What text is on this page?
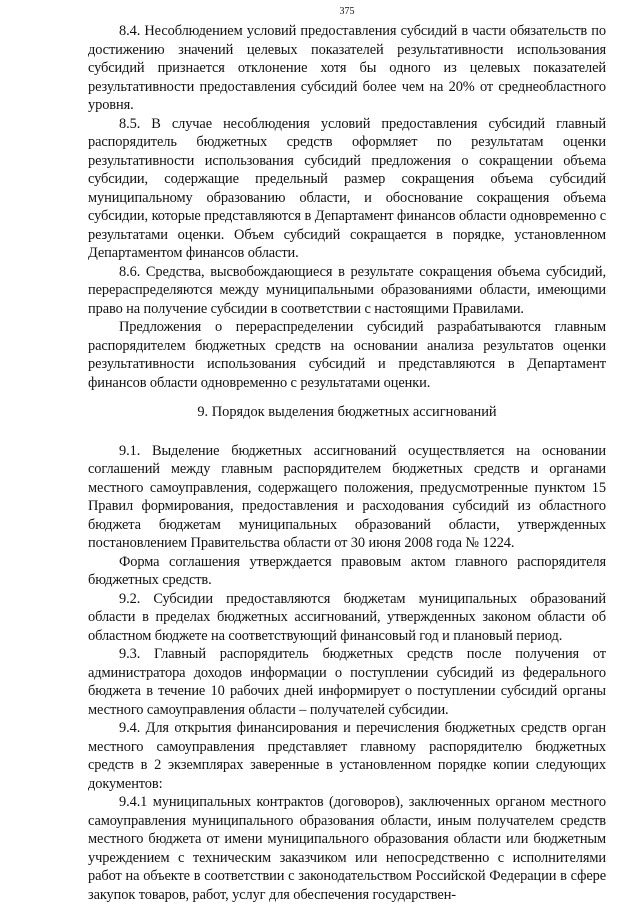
375

8.4. Несоблюдением условий предоставления субсидий в части обязательств по достижению значений целевых показателей результативности использования субсидий признается отклонение хотя бы одного из целевых показателей результативности предоставления субсидий более чем на 20% от среднеобластного уровня.

8.5. В случае несоблюдения условий предоставления субсидий главный распорядитель бюджетных средств оформляет по результатам оценки результативности использования субсидий предложения о сокращении объема субсидии, содержащие предельный размер сокращения объема субсидий муниципальному образованию области, и обоснование сокращения объема субсидии, которые представляются в Департамент финансов области одновременно с результатами оценки. Объем субсидий сокращается в порядке, установленном Департаментом финансов области.

8.6. Средства, высвобождающиеся в результате сокращения объема субсидий, перераспределяются между муниципальными образованиями области, имеющими право на получение субсидии в соответствии с настоящими Правилами.

Предложения о перераспределении субсидий разрабатываются главным распорядителем бюджетных средств на основании анализа результатов оценки результативности использования субсидий и представляются в Департамент финансов области одновременно с результатами оценки.

9. Порядок выделения бюджетных ассигнований

9.1. Выделение бюджетных ассигнований осуществляется на основании соглашений между главным распорядителем бюджетных средств и органами местного самоуправления, содержащего положения, предусмотренные пунктом 15 Правил формирования, предоставления и расходования субсидий из областного бюджета бюджетам муниципальных образований области, утвержденных постановлением Правительства области от 30 июня 2008 года № 1224.

Форма соглашения утверждается правовым актом главного распорядителя бюджетных средств.

9.2. Субсидии предоставляются бюджетам муниципальных образований области в пределах бюджетных ассигнований, утвержденных законом области об областном бюджете на соответствующий финансовый год и плановый период.

9.3. Главный распорядитель бюджетных средств после получения от администратора доходов информации о поступлении субсидий из федерального бюджета в течение 10 рабочих дней информирует о поступлении субсидий органы местного самоуправления области – получателей субсидии.

9.4. Для открытия финансирования и перечисления бюджетных средств орган местного самоуправления представляет главному распорядителю бюджетных средств в 2 экземплярах заверенные в установленном порядке копии следующих документов:

9.4.1 муниципальных контрактов (договоров), заключенных органом местного самоуправления муниципального образования области, иным получателем средств местного бюджета от имени муниципального образования области или бюджетным учреждением с техническим заказчиком или непосредственно с исполнителями работ на объекте в соответствии с законодательством Российской Федерации в сфере закупок товаров, работ, услуг для обеспечения государствен-
